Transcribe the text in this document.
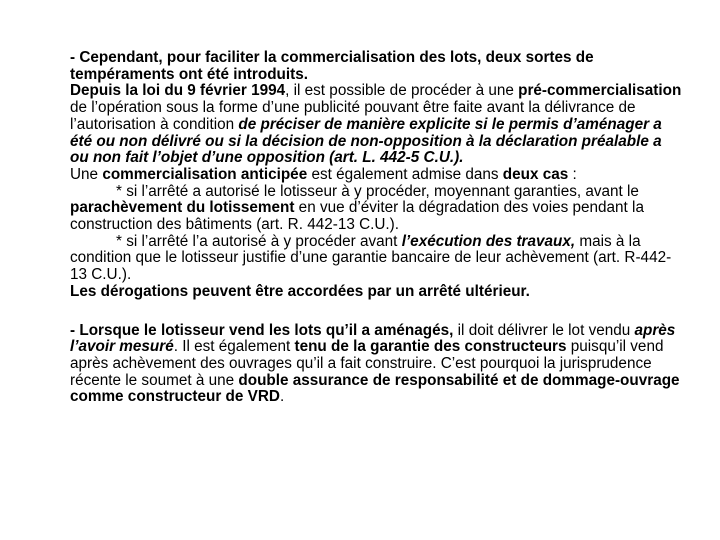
- Cependant, pour faciliter la commercialisation des lots, deux sortes de tempéraments ont été introduits.

Depuis la loi du 9 février 1994, il est possible de procéder à une pré-commercialisation de l’opération sous la forme d’une publicité pouvant être faite avant la délivrance de l’autorisation à condition de préciser de manière explicite si le permis d’aménager a été ou non délivré ou si la décision de non-opposition à la déclaration préalable a ou non fait l’objet d’une opposition (art. L. 442-5 C.U.).

Une commercialisation anticipée est également admise dans deux cas :

* si l’arrêté a autorisé le lotisseur à y procéder, moyennant garanties, avant le parachèvement du lotissement en vue d’éviter la dégradation des voies pendant la construction des bâtiments (art. R. 442-13 C.U.).

* si l’arrêté l’a autorisé à y procéder avant l’exécution des travaux, mais à la condition que le lotisseur justifie d’une garantie bancaire de leur achèvement (art. R-442-13 C.U.).

Les dérogations peuvent être accordées par un arrêté ultérieur.

- Lorsque le lotisseur vend les lots qu’il a aménagés, il doit délivrer le lot vendu après l’avoir mesuré. Il est également tenu de la garantie des constructeurs puisqu’il vend après achèvement des ouvrages qu’il a fait construire. C’est pourquoi la jurisprudence récente le soumet à une double assurance de responsabilité et de dommage-ouvrage comme constructeur de VRD.
